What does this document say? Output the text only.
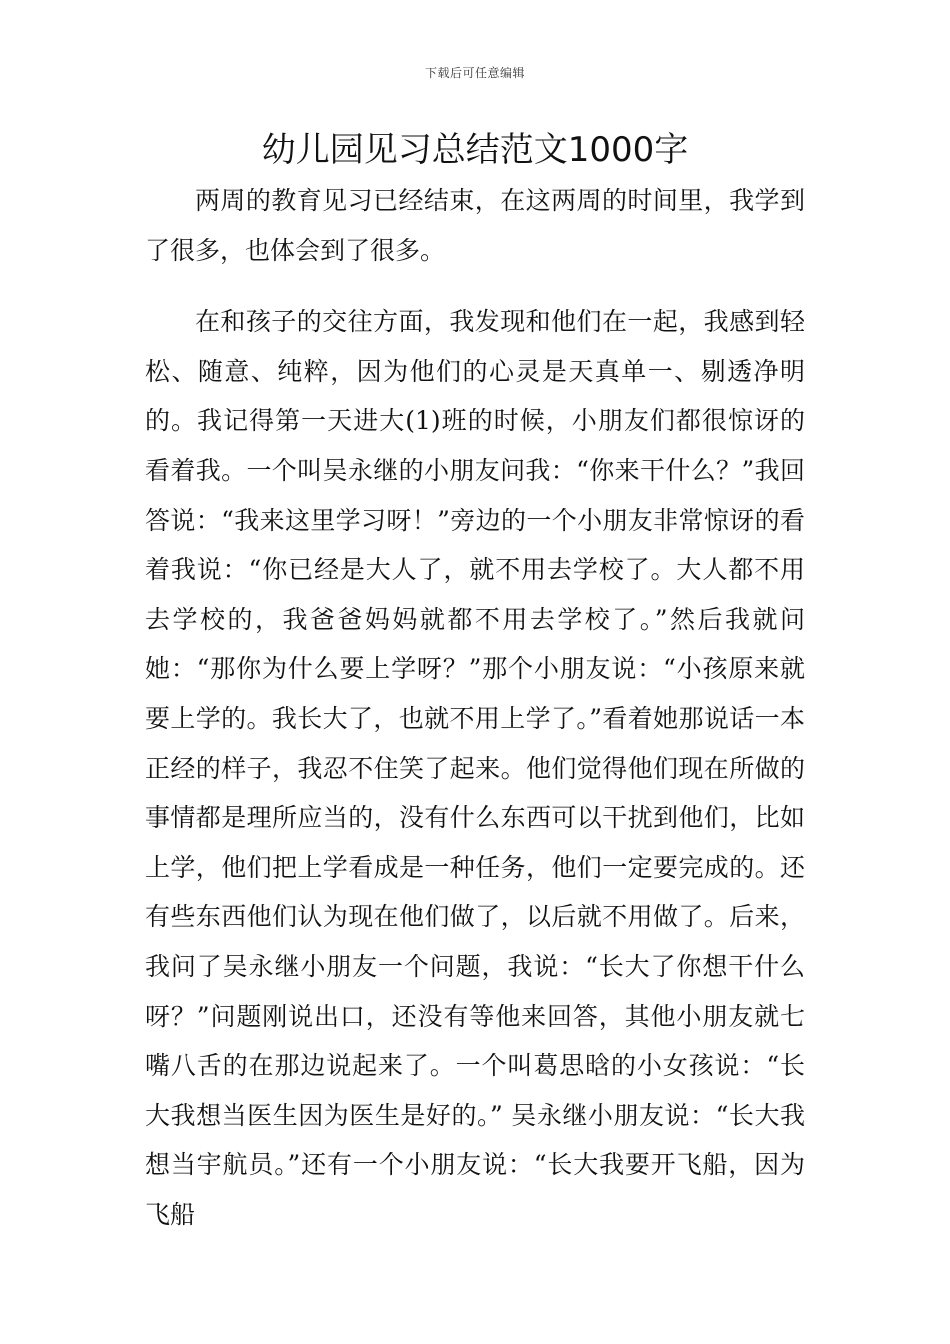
下载后可任意编辑
幼儿园见习总结范文1000字

两周的教育见习已经结束，在这两周的时间里，我学到了很多，也体会到了很多。

在和孩子的交往方面，我发现和他们在一起，我感到轻松、随意、纯粹，因为他们的心灵是天真单一、剔透净明的。我记得第一天进大(1)班的时候，小朋友们都很惊讶的看着我。一个叫吴永继的小朋友问我：“你来干什么？”我回答说：“我来这里学习呀！”旁边的一个小朋友非常惊讶的看着我说：“你已经是大人了，就不用去学校了。大人都不用去学校的，我爸爸妈妈就都不用去学校了。”然后我就问她：“那你为什么要上学呀？”那个小朋友说：“小孩原来就要上学的。我长大了，也就不用上学了。”看着她那说话一本正经的样子，我忍不住笑了起来。他们觉得他们现在所做的事情都是理所应当的，没有什么东西可以干扰到他们，比如上学，他们把上学看成是一种任务，他们一定要完成的。还有些东西他们认为现在他们做了，以后就不用做了。后来，我问了吴永继小朋友一个问题，我说：“长大了你想干什么呀？”问题刚说出口，还没有等他来回答，其他小朋友就七嘴八舌的在那边说起来了。一个叫葛思晗的小女孩说：“长大我想当医生因为医生是好的。” 吴永继小朋友说：“长大我想当宇航员。”还有一个小朋友说：“长大我要开飞船，因为飞船
